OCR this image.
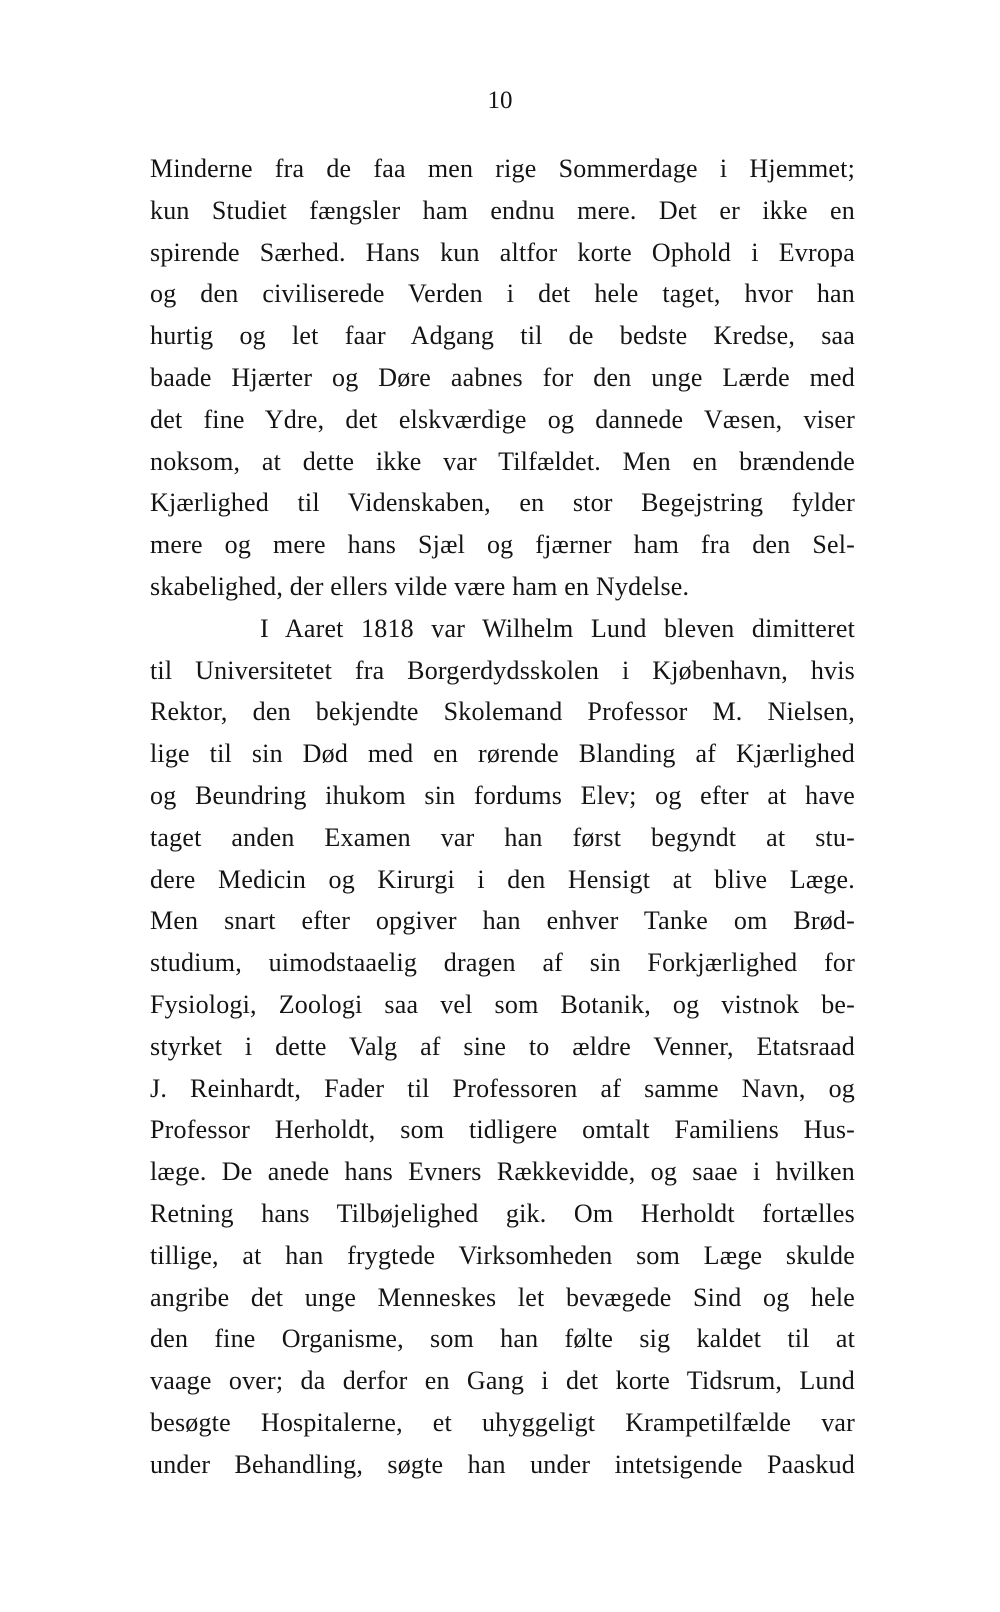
10
Minderne fra de faa men rige Sommerdage i Hjemmet;
kun Studiet fængsler ham endnu mere. Det er ikke en
spirende Særhed. Hans kun altfor korte Ophold i Evropa
og den civiliserede Verden i det hele taget, hvor han
hurtig og let faar Adgang til de bedste Kredse, saa
baade Hjærter og Døre aabnes for den unge Lærde med
det fine Ydre, det elskværdige og dannede Væsen, viser
noksom, at dette ikke var Tilfældet. Men en brændende
Kjærlighed til Videnskaben, en stor Begejstring fylder
mere og mere hans Sjæl og fjærner ham fra den Sel-
skabelighed, der ellers vilde være ham en Nydelse.
I Aaret 1818 var Wilhelm Lund bleven dimitteret
til Universitetet fra Borgerdydsskolen i Kjøbenhavn, hvis
Rektor, den bekjendte Skolemand Professor M. Nielsen,
lige til sin Død med en rørende Blanding af Kjærlighed
og Beundring ihukom sin fordums Elev; og efter at have
taget anden Examen var han først begyndt at stu-
dere Medicin og Kirurgi i den Hensigt at blive Læge.
Men snart efter opgiver han enhver Tanke om Brød-
studium, uimodstaaelig dragen af sin Forkjærlighed for
Fysiologi, Zoologi saa vel som Botanik, og vistnok be-
styrket i dette Valg af sine to ældre Venner, Etatsraad
J. Reinhardt, Fader til Professoren af samme Navn, og
Professor Herholdt, som tidligere omtalt Familiens Hus-
læge. De anede hans Evners Rækkevidde, og saae i hvilken
Retning hans Tilbøjelighed gik. Om Herholdt fortælles
tillige, at han frygtede Virksomheden som Læge skulde
angribe det unge Menneskes let bevægede Sind og hele
den fine Organisme, som han følte sig kaldet til at
vaage over; da derfor en Gang i det korte Tidsrum, Lund
besøgte Hospitalerne, et uhyggeligt Krampetilfælde var
under Behandling, søgte han under intetsigende Paaskud
